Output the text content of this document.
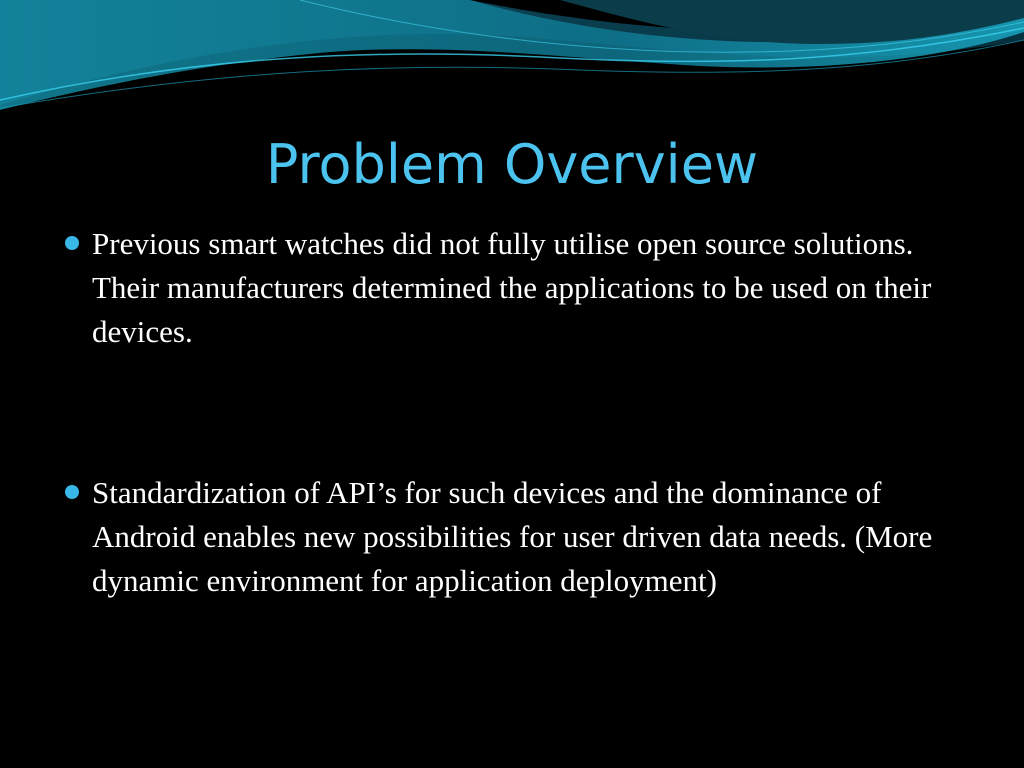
Problem Overview
Previous smart watches did not fully utilise open source solutions. Their manufacturers determined the applications to be used on their devices.
Standardization of API’s for such devices and the dominance of Android enables new possibilities for user driven data needs. (More dynamic environment for application deployment)
